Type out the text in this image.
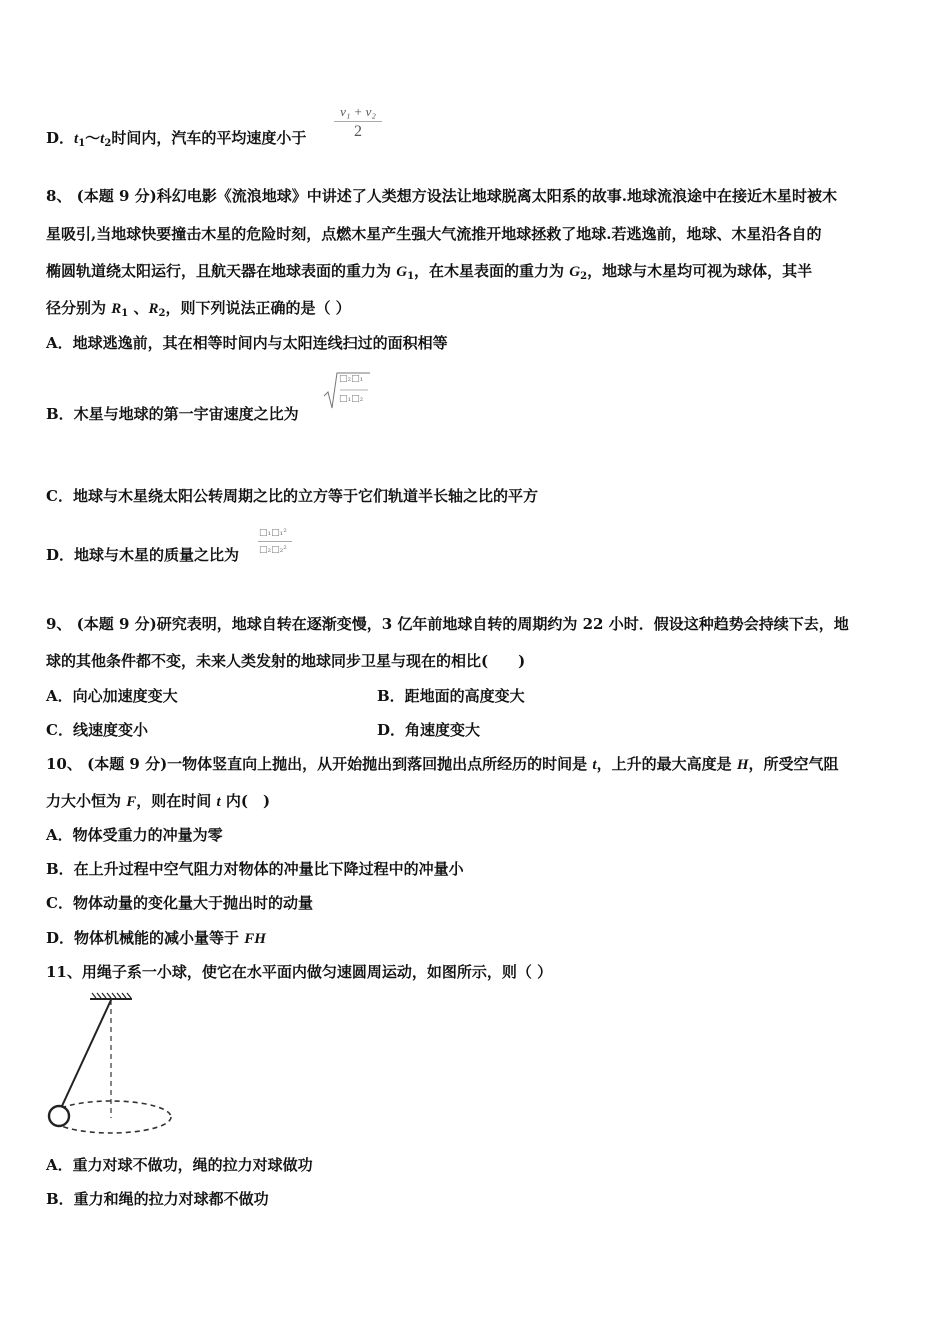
D．$t_1\sim t_2$时间内，汽车的平均速度小于
v₁ + v₂
2
8、 (本题 9 分)科幻电影《流浪地球》中讲述了人类想方设法让地球脱离太阳系的故事.地球流浪途中在接近木星时被木
星吸引,当地球快要撞击木星的危险时刻，点燃木星产生强大气流推开地球拯救了地球.若逃逸前，地球、木星沿各自的
椭圆轨道绕太阳运行，且航天器在地球表面的重力为 $G_1$，在木星表面的重力为 $G_2$，地球与木星均可视为球体，其半
径分别为 $R_1$ 、$R_2$，则下列说法正确的是（ ）
A．地球逃逸前，其在相等时间内与太阳连线扫过的面积相等
B．木星与地球的第一宇宙速度之比为
□₂□₁
□₁□₂
C．地球与木星绕太阳公转周期之比的立方等于它们轨道半长轴之比的平方
D．地球与木星的质量之比为
□₁□₁²
□₂□₂²
9、 (本题 9 分)研究表明，地球自转在逐渐变慢，3 亿年前地球自转的周期约为 22 小时．假设这种趋势会持续下去，地
球的其他条件都不变，未来人类发射的地球同步卫星与现在的相比(　　)
A．向心加速度变大	B．距地面的高度变大
C．线速度变小	D．角速度变大
10、 (本题 9 分)一物体竖直向上抛出，从开始抛出到落回抛出点所经历的时间是 t，上升的最大高度是 H，所受空气阻
力大小恒为 F，则在时间 t 内(　)
A．物体受重力的冲量为零
B．在上升过程中空气阻力对物体的冲量比下降过程中的冲量小
C．物体动量的变化量大于抛出时的动量
D．物体机械能的减小量等于 FH
11、用绳子系一小球，使它在水平面内做匀速圆周运动，如图所示，则（ ）
A．重力对球不做功，绳的拉力对球做功
B．重力和绳的拉力对球都不做功
